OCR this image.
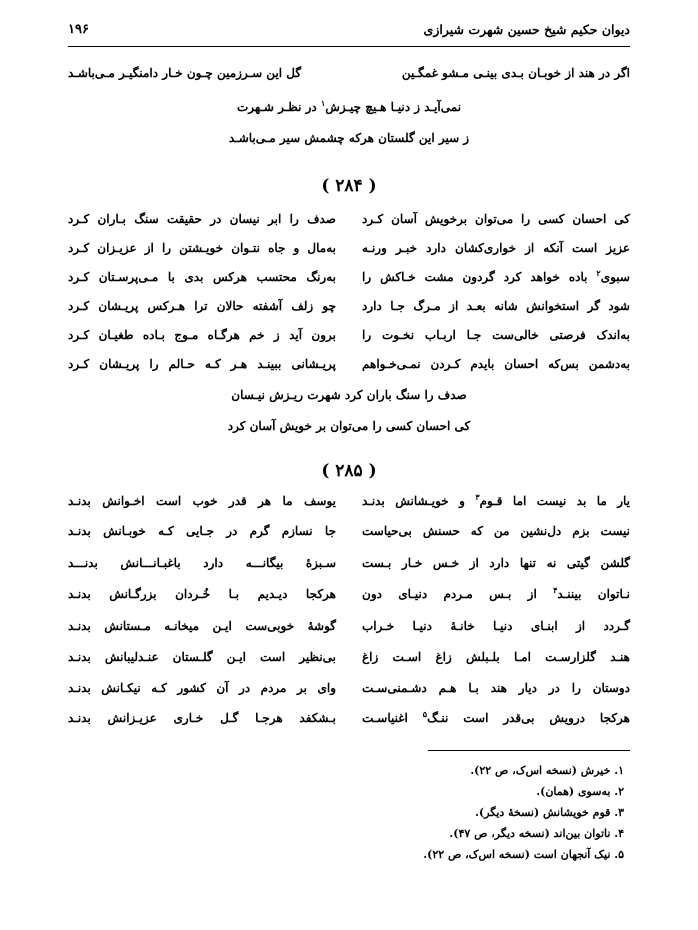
دیوان حکیم شیخ حسین شهرت شیرازی
۱۹۶
اگر در هند از خوبـان بـدی بینـی مـشو غمگـین
گل این سـرزمین چـون خـار دامنگیـر مـی‌باشـد
نمی‌آیـد ز دنیـا هـیچ چیـزش$^۱$ در نظـر شـهرت
ز سیر این گلستان هرکه چشمش سیر مـی‌باشـد
( ۲۸۴ )
کی احسان کسی را می‌توان برخویش آسان کـرد
صدف را ابر نیسان در حقیقت سنگ بـاران کـرد
عزیز است آنکه از خواری‌کشان دارد خبـر ورنـه
به‌مال و جاه نتـوان خویـشتن را از عزیـزان کـرد
سبوی$^۲$ باده خواهد کرد گردون مشت خـاکش را
به‌رنگ محتسب هرکس بدی با مـی‌پرسـتان کـرد
شود گر استخوانش شانه بعـد از مـرگ جـا دارد
چو زلف آشفته حالان ترا هـرکس پریـشان کـرد
به‌اندک فرصتی خالی‌ست جـا اربـاب نخـوت را
برون آید ز خم هرگـاه مـوج بـاده طغیـان کـرد
به‌دشمن بس‌که احسان بایدم کـردن نمـی‌خـواهم
پریـشانی ببینـد هـر کـه حـالم را پریـشان کـرد
صدف را سنگ باران کرد شهرت ریـزش نیـسان
کی احسان کسی را می‌توان بر خویش آسان کرد
( ۲۸۵ )
یار ما بد نیست اما قـوم$^۳$ و خویـشانش بدنـد
یوسف ما هر قدر خوب است اخـوانش بدنـد
نیست بزم دل‌نشین من که حسنش بی‌حیاست
جا نسازم گرم در جـایی کـه خوبـانش بدنـد
گلشن گیتی نه تنها دارد از خـس خـار بـست
سـبزهٔ بیگانـــه دارد باغبـانـــانش بدنـــد
نـاتوان بیننـد$^۴$ از بـس مـردم دنیـای دون
هرکجا دیـدیم بـا خُـردان بزرگـانش بدنـد
گـردد از ابنـای دنیـا خانـهٔ دنیـا خـراب
گوشهٔ خوبی‌ست ایـن میخانـه مـستانش بدنـد
هنـد گلزارسـت امـا بلـبلش زاغ اسـت زاغ
بی‌نظیر است ایـن گلـستان عنـدلیبانش بدنـد
دوستان را در دیار هند بـا هـم دشـمنی‌سـت
وای بر مردم در آن کشور کـه نیکـانش بدنـد
هرکجا درویش بی‌قدر است ننـگ$^۵$ اغنیاسـت
بـشکفد هرجـا گـل خـاری عزیـزانش بدنـد
۱. خیرش (نسخه اس‌ک، ص ۲۲).
۲. به‌سوی (همان).
۳. قوم خویشانش (نسخهٔ دیگر).
۴. ناتوان بین‌اند (نسخه دیگر، ص ۴۷).
۵. نیک آنجهان است (نسخه اس‌ک، ص ۲۲).
